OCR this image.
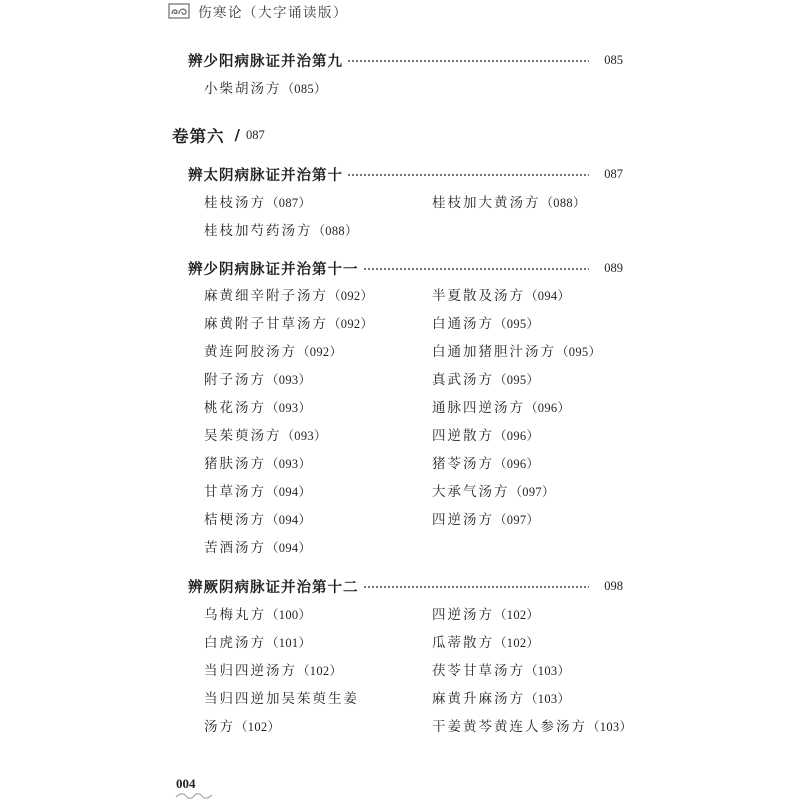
伤寒论（大字诵读版）
辨少阳病脉证并治第九	085
小柴胡汤方（085）
卷第六 / 087
辨太阴病脉证并治第十	087
桂枝汤方（087）	桂枝加大黄汤方（088）
桂枝加芍药汤方（088）
辨少阴病脉证并治第十一	089
麻黄细辛附子汤方（092）	半夏散及汤方（094）
麻黄附子甘草汤方（092）	白通汤方（095）
黄连阿胶汤方（092）	白通加猪胆汁汤方（095）
附子汤方（093）	真武汤方（095）
桃花汤方（093）	通脉四逆汤方（096）
吴茱萸汤方（093）	四逆散方（096）
猪肤汤方（093）	猪苓汤方（096）
甘草汤方（094）	大承气汤方（097）
桔梗汤方（094）	四逆汤方（097）
苦酒汤方（094）
辨厥阴病脉证并治第十二	098
乌梅丸方（100）	四逆汤方（102）
白虎汤方（101）	瓜蒂散方（102）
当归四逆汤方（102）	茯苓甘草汤方（103）
当归四逆加吴茱萸生姜	麻黄升麻汤方（103）
汤方（102）	干姜黄芩黄连人参汤方（103）
004
